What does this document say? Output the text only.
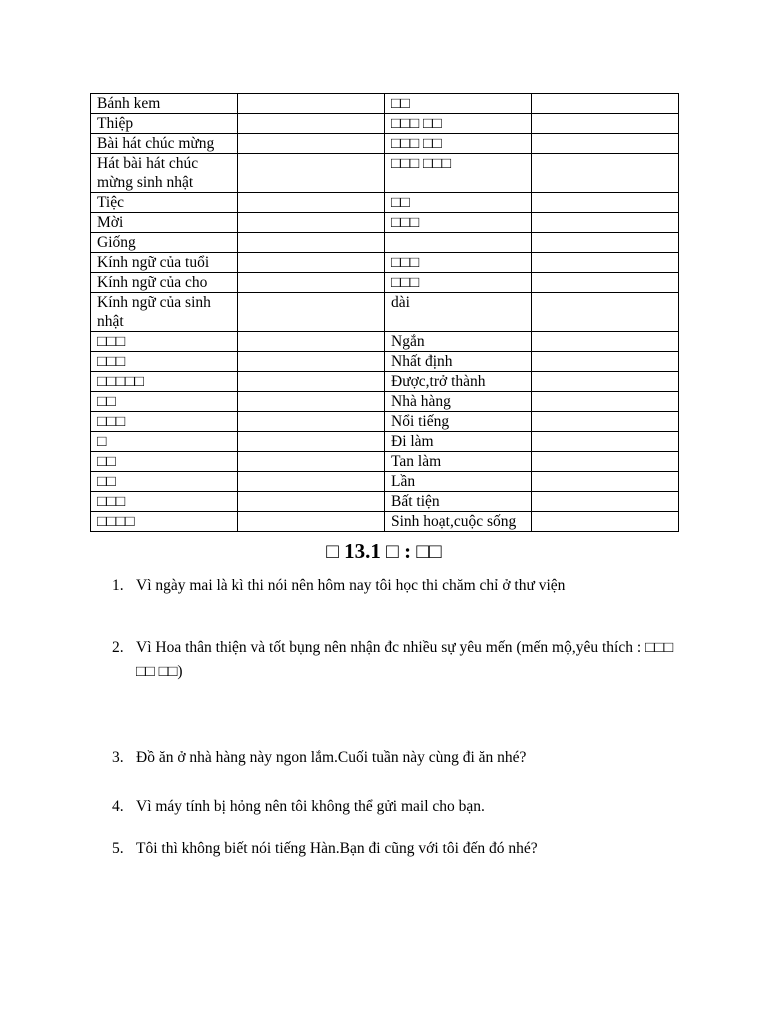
Bánh kem		□□	
Thiệp		□□□ □□	
Bài hát chúc mừng		□□□ □□	
Hát bài hát chúc mừng sinh nhật		□□□ □□□	
Tiệc		□□	
Mời		□□□	
Giống			
Kính ngữ của tuổi		□□□	
Kính ngữ của cho		□□□	
Kính ngữ của sinh nhật		dài	
□□□		Ngắn	
□□□		Nhất định	
□□□□□		Được,trở thành	
□□		Nhà hàng	
□□□		Nổi tiếng	
□		Đi làm	
□□		Tan làm	
□□		Lần	
□□□		Bất tiện	
□□□□		Sinh hoạt,cuộc sống	
□ 13.1 □ : □□
1. Vì ngày mai là kì thi nói nên hôm nay tôi học thi chăm chỉ ở thư viện
2. Vì Hoa thân thiện và tốt bụng nên nhận đc nhiều sự yêu mến (mến mộ,yêu thích : □□□ □□ □□)
3. Đồ ăn ở nhà hàng này ngon lắm.Cuối tuần này cùng đi ăn nhé?
4. Vì máy tính bị hỏng nên tôi không thể gửi mail cho bạn.
5. Tôi thì không biết nói tiếng Hàn.Bạn đi cũng với tôi đến đó nhé?
